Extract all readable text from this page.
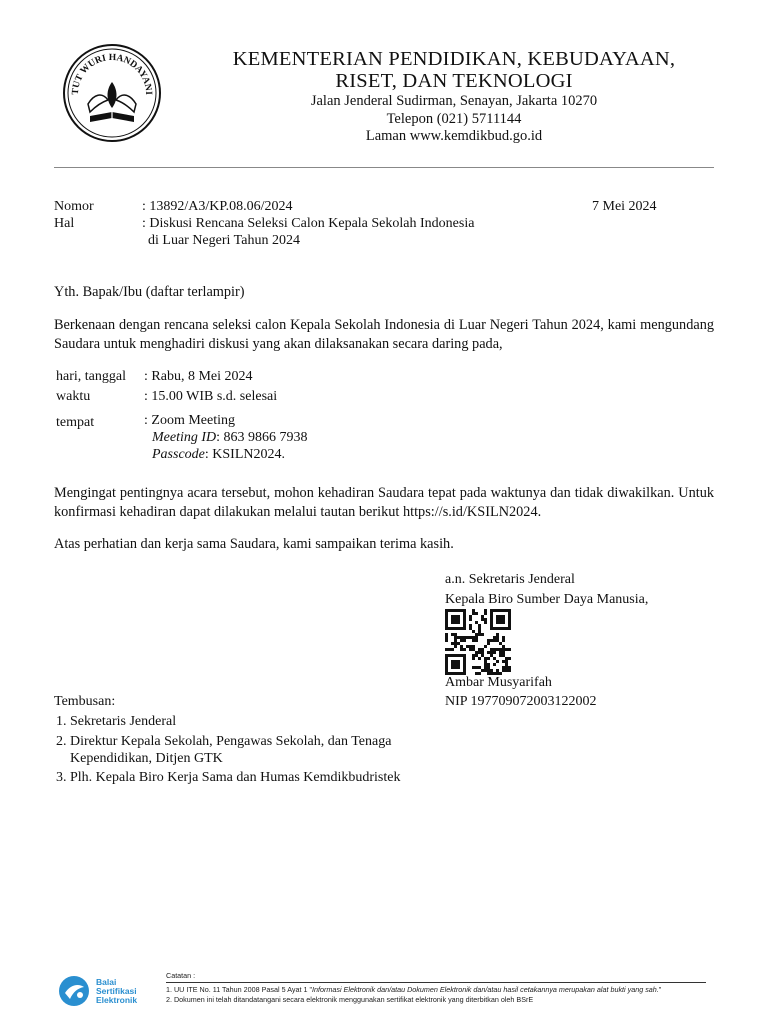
TUT WURI HANDAYANI
KEMENTERIAN PENDIDIKAN, KEBUDAYAAN,
RISET, DAN TEKNOLOGI
Jalan Jenderal Sudirman, Senayan, Jakarta 10270
Telepon (021) 5711144
Laman www.kemdikbud.go.id
Nomor	: 13892/A3/KP.08.06/2024	7 Mei 2024
Hal	: Diskusi Rencana Seleksi Calon Kepala Sekolah Indonesia
di Luar Negeri Tahun 2024
Yth. Bapak/Ibu (daftar terlampir)
Berkenaan dengan rencana seleksi calon Kepala Sekolah Indonesia di Luar Negeri Tahun 2024, kami mengundang Saudara untuk menghadiri diskusi yang akan dilaksanakan secara daring pada,
hari, tanggal : Rabu, 8 Mei 2024
waktu	: 15.00 WIB s.d. selesai
tempat	: Zoom Meeting
Meeting ID: 863 9866 7938
Passcode: KSILN2024.
Mengingat pentingnya acara tersebut, mohon kehadiran Saudara tepat pada waktunya dan tidak diwakilkan. Untuk konfirmasi kehadiran dapat dilakukan melalui tautan berikut https://s.id/KSILN2024.
Atas perhatian dan kerja sama Saudara, kami sampaikan terima kasih.
a.n. Sekretaris Jenderal
Kepala Biro Sumber Daya Manusia,
Ambar Musyarifah
NIP 197709072003122002
Tembusan:
1. Sekretaris Jenderal
2. Direktur Kepala Sekolah, Pengawas Sekolah, dan Tenaga
Kependidikan, Ditjen GTK
3. Plh. Kepala Biro Kerja Sama dan Humas Kemdikbudristek
Balai
Sertifikasi
Elektronik
Catatan :
1. UU ITE No. 11 Tahun 2008 Pasal 5 Ayat 1 "Informasi Elektronik dan/atau Dokumen Elektronik dan/atau hasil cetakannya merupakan alat bukti yang sah."
2. Dokumen ini telah ditandatangani secara elektronik menggunakan sertifikat elektronik yang diterbitkan oleh BSrE
